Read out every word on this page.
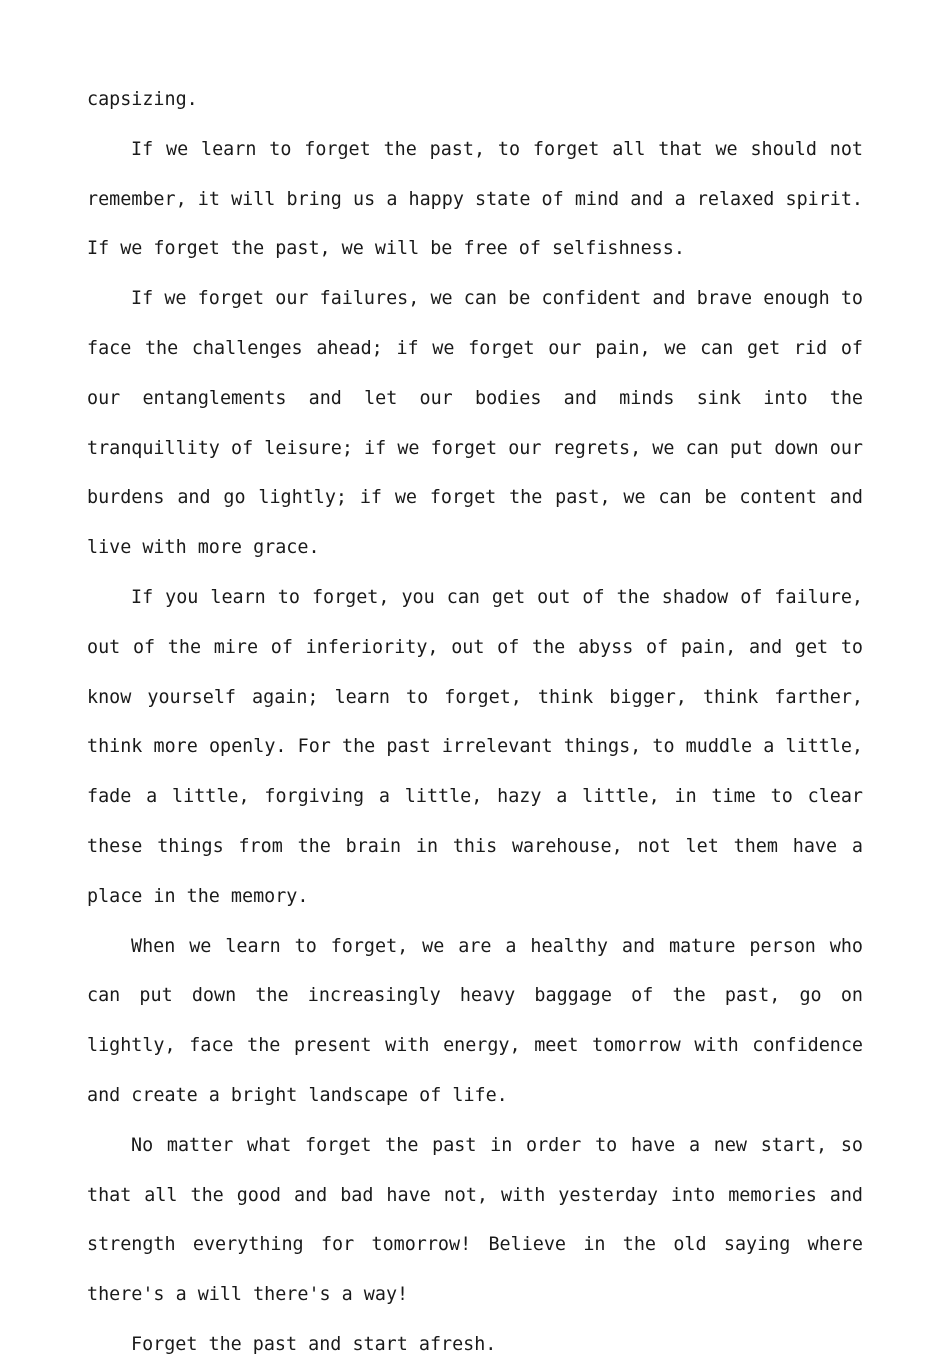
capsizing.

If we learn to forget the past, to forget all that we should not remember, it will bring us a happy state of mind and a relaxed spirit. If we forget the past, we will be free of selfishness.

If we forget our failures, we can be confident and brave enough to face the challenges ahead; if we forget our pain, we can get rid of our entanglements and let our bodies and minds sink into the tranquillity of leisure; if we forget our regrets, we can put down our burdens and go lightly; if we forget the past, we can be content and live with more grace.

If you learn to forget, you can get out of the shadow of failure, out of the mire of inferiority, out of the abyss of pain, and get to know yourself again; learn to forget, think bigger, think farther, think more openly. For the past irrelevant things, to muddle a little, fade a little, forgiving a little, hazy a little, in time to clear these things from the brain in this warehouse, not let them have a place in the memory.

When we learn to forget, we are a healthy and mature person who can put down the increasingly heavy baggage of the past, go on lightly, face the present with energy, meet tomorrow with confidence and create a bright landscape of life.

No matter what forget the past in order to have a new start, so that all the good and bad have not, with yesterday into memories and strength everything for tomorrow! Believe in the old saying where there's a will there's a way!

Forget the past and start afresh.
